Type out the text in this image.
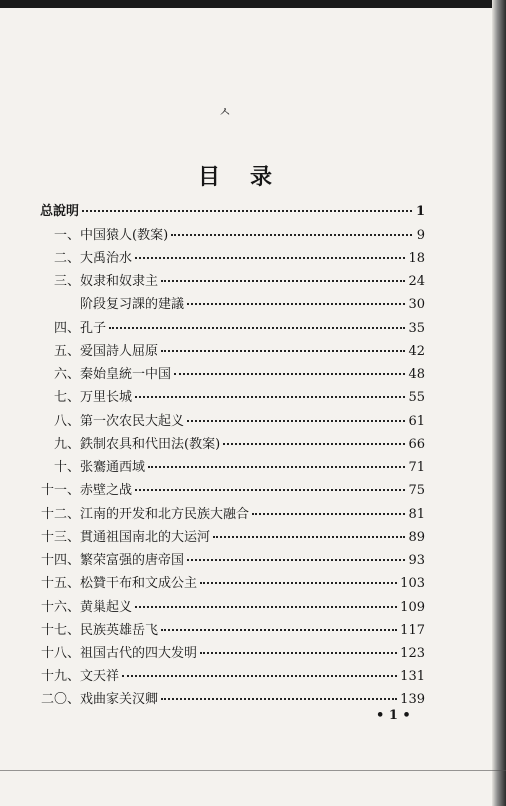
ㅅ
目录
总說明	1
一、 中国猿人(教案)	9
二、 大禹治水	18
三、 奴隶和奴隶主	24
阶段复习課的建議	30
四、 孔子	35
五、 爱国詩人屈原	42
六、 秦始皇統一中国	48
七、 万里长城	55
八、 第一次农民大起义	61
九、 鉄制农具和代田法(教案)	66
十、 张騫通西域	71
十一、 赤壁之战	75
十二、 江南的开发和北方民族大融合	81
十三、 貫通祖国南北的大运河	89
十四、 繁荣富强的唐帝国	93
十五、 松贊干布和文成公主	103
十六、 黄巢起义	109
十七、 民族英雄岳飞	117
十八、 祖国古代的四大发明	123
十九、 文天祥	131
二〇、 戏曲家关汉卿	139
• 1 •
